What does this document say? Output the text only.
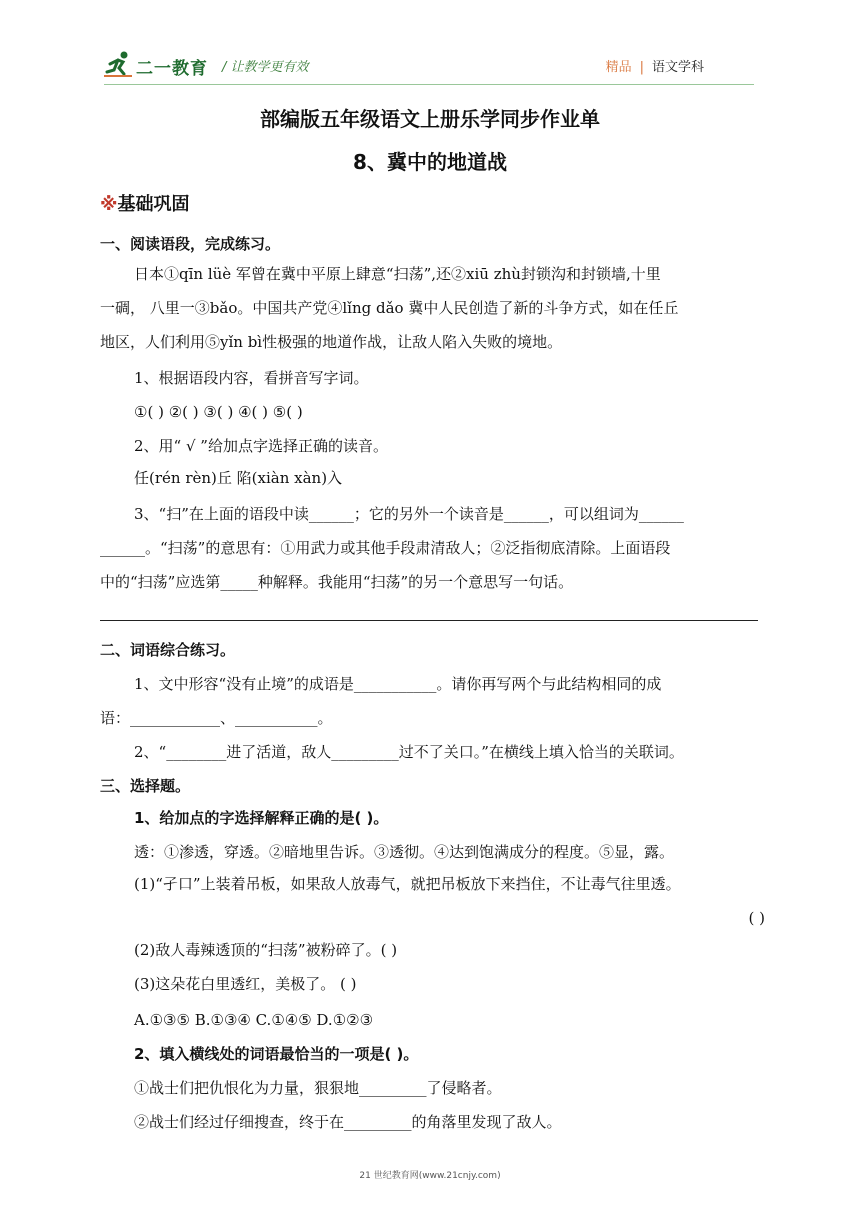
二一教育 / 让教学更有效	精品 | 语文学科
部编版五年级语文上册乐学同步作业单
8、冀中的地道战
※基础巩固
一、阅读语段，完成练习。
日本①qīn lüè 军曾在冀中平原上肆意“扫荡”,还②xiū zhù封锁沟和封锁墙,十里
一碉， 八里一③bǎo。中国共产党④lǐng dǎo 冀中人民创造了新的斗争方式，如在任丘
地区，人们利用⑤yǐn bì性极强的地道作战，让敌人陷入失败的境地。
1、根据语段内容，看拼音写字词。
①( ) ②( ) ③( ) ④( ) ⑤( )
2、用“ √ ”给加点字选择正确的读音。
任(rén rèn)丘 陷(xiàn xàn)入
3、“扫”在上面的语段中读______；它的另外一个读音是______，可以组词为______
______。“扫荡”的意思有：①用武力或其他手段肃清敌人；②泛指彻底清除。上面语段
中的“扫荡”应选第_____种解释。我能用“扫荡”的另一个意思写一句话。
二、词语综合练习。
1、文中形容“没有止境”的成语是___________。请你再写两个与此结构相同的成
语：____________、___________。
2、“________进了活道，敌人_________过不了关口。”在横线上填入恰当的关联词。
三、选择题。
1、给加点的字选择解释正确的是( )。
透：①渗透，穿透。②暗地里告诉。③透彻。④达到饱满成分的程度。⑤显，露。
(1)“孑口”上装着吊板，如果敌人放毒气，就把吊板放下来挡住，不让毒气往里透。
( )
(2)敌人毒辣透顶的“扫荡”被粉碎了。( )
(3)这朵花白里透红，美极了。 ( )
A.①③⑤ B.①③④ C.①④⑤ D.①②③
2、填入横线处的词语最恰当的一项是( )。
①战士们把仇恨化为力量，狠狠地_________了侵略者。
②战士们经过仔细搜查，终于在_________的角落里发现了敌人。
21 世纪教育网(www.21cnjy.com)
